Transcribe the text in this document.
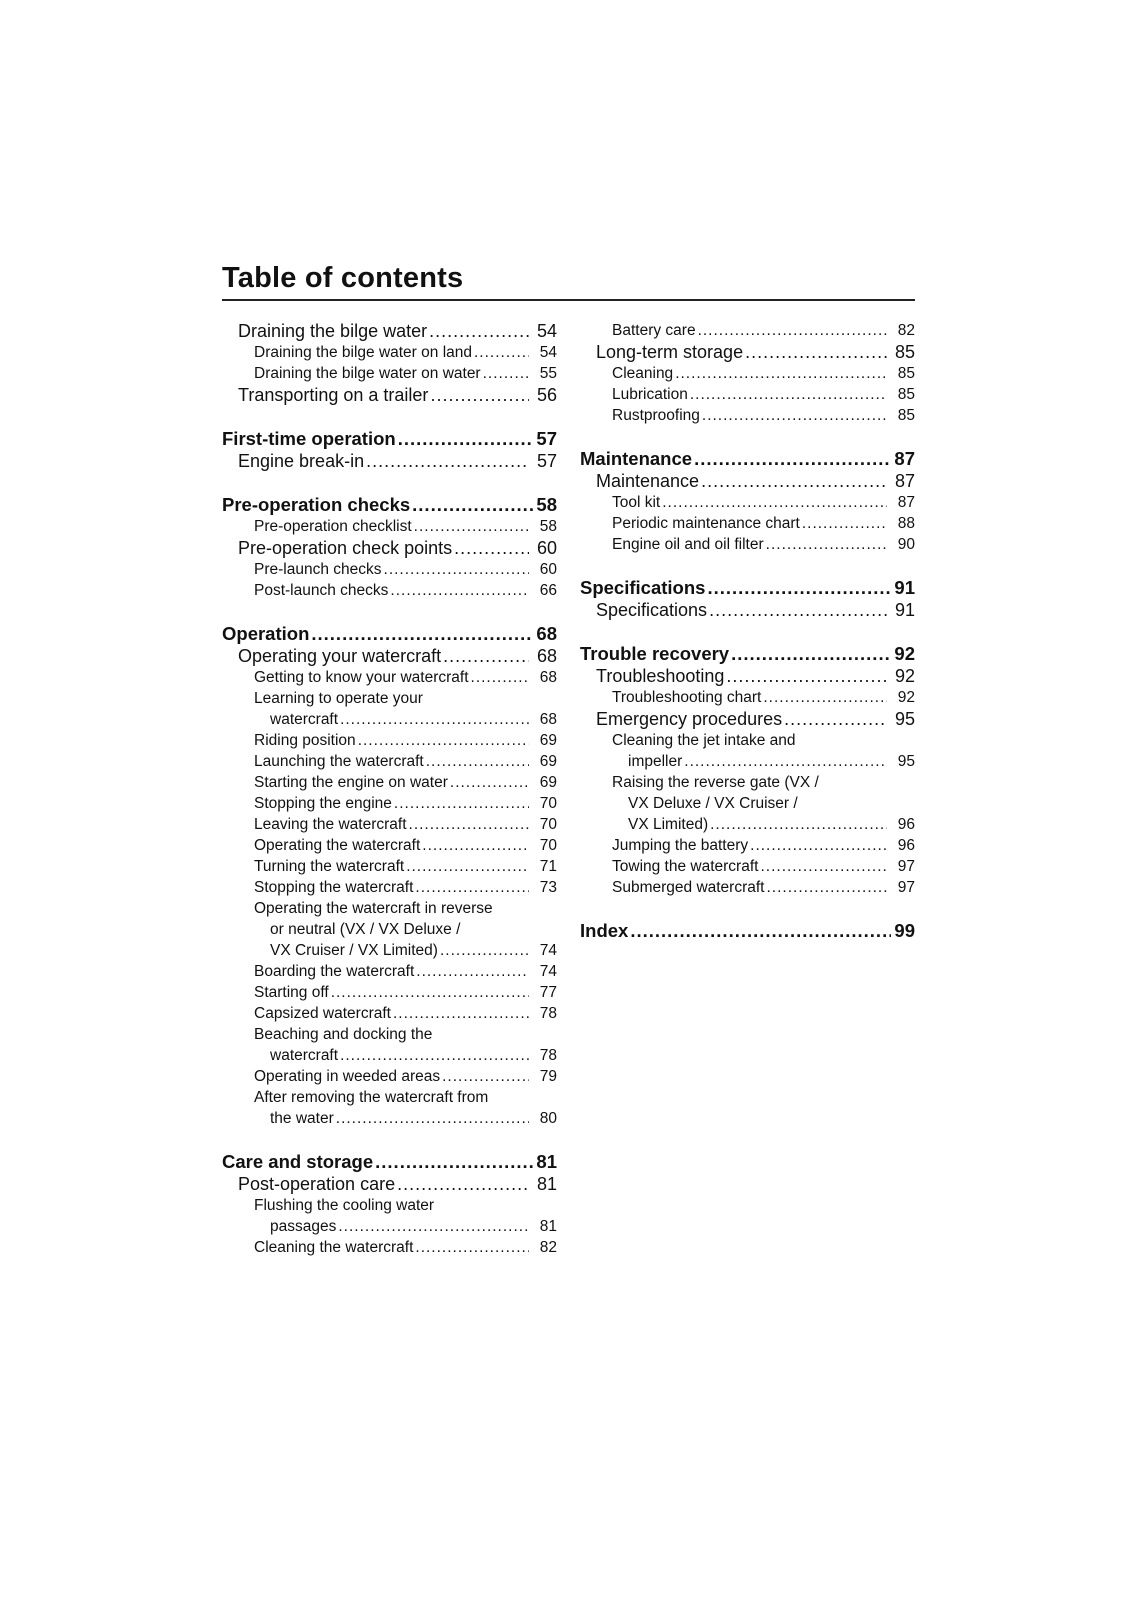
Table of contents
Draining the bilge water .....	54
Draining the bilge water on land .....	54
Draining the bilge water on water .....	55
Transporting on a trailer .....	56
First-time operation .....	57
Engine break-in .....	57
Pre-operation checks .....	58
Pre-operation checklist .....	58
Pre-operation check points .....	60
Pre-launch checks .....	60
Post-launch checks .....	66
Operation .....	68
Operating your watercraft .....	68
Getting to know your watercraft .....	68
Learning to operate your
watercraft .....	68
Riding position .....	69
Launching the watercraft .....	69
Starting the engine on water .....	69
Stopping the engine .....	70
Leaving the watercraft .....	70
Operating the watercraft .....	70
Turning the watercraft .....	71
Stopping the watercraft .....	73
Operating the watercraft in reverse
or neutral (VX / VX Deluxe /
VX Cruiser / VX Limited) .....	74
Boarding the watercraft .....	74
Starting off .....	77
Capsized watercraft .....	78
Beaching and docking the
watercraft .....	78
Operating in weeded areas .....	79
After removing the watercraft from
the water .....	80
Care and storage .....	81
Post-operation care .....	81
Flushing the cooling water
passages .....	81
Cleaning the watercraft .....	82
Battery care .....	82
Long-term storage .....	85
Cleaning .....	85
Lubrication .....	85
Rustproofing .....	85
Maintenance .....	87
Maintenance .....	87
Tool kit .....	87
Periodic maintenance chart .....	88
Engine oil and oil filter .....	90
Specifications .....	91
Specifications .....	91
Trouble recovery .....	92
Troubleshooting .....	92
Troubleshooting chart .....	92
Emergency procedures .....	95
Cleaning the jet intake and
impeller .....	95
Raising the reverse gate (VX /
VX Deluxe / VX Cruiser /
VX Limited) .....	96
Jumping the battery .....	96
Towing the watercraft .....	97
Submerged watercraft .....	97
Index .....	99
